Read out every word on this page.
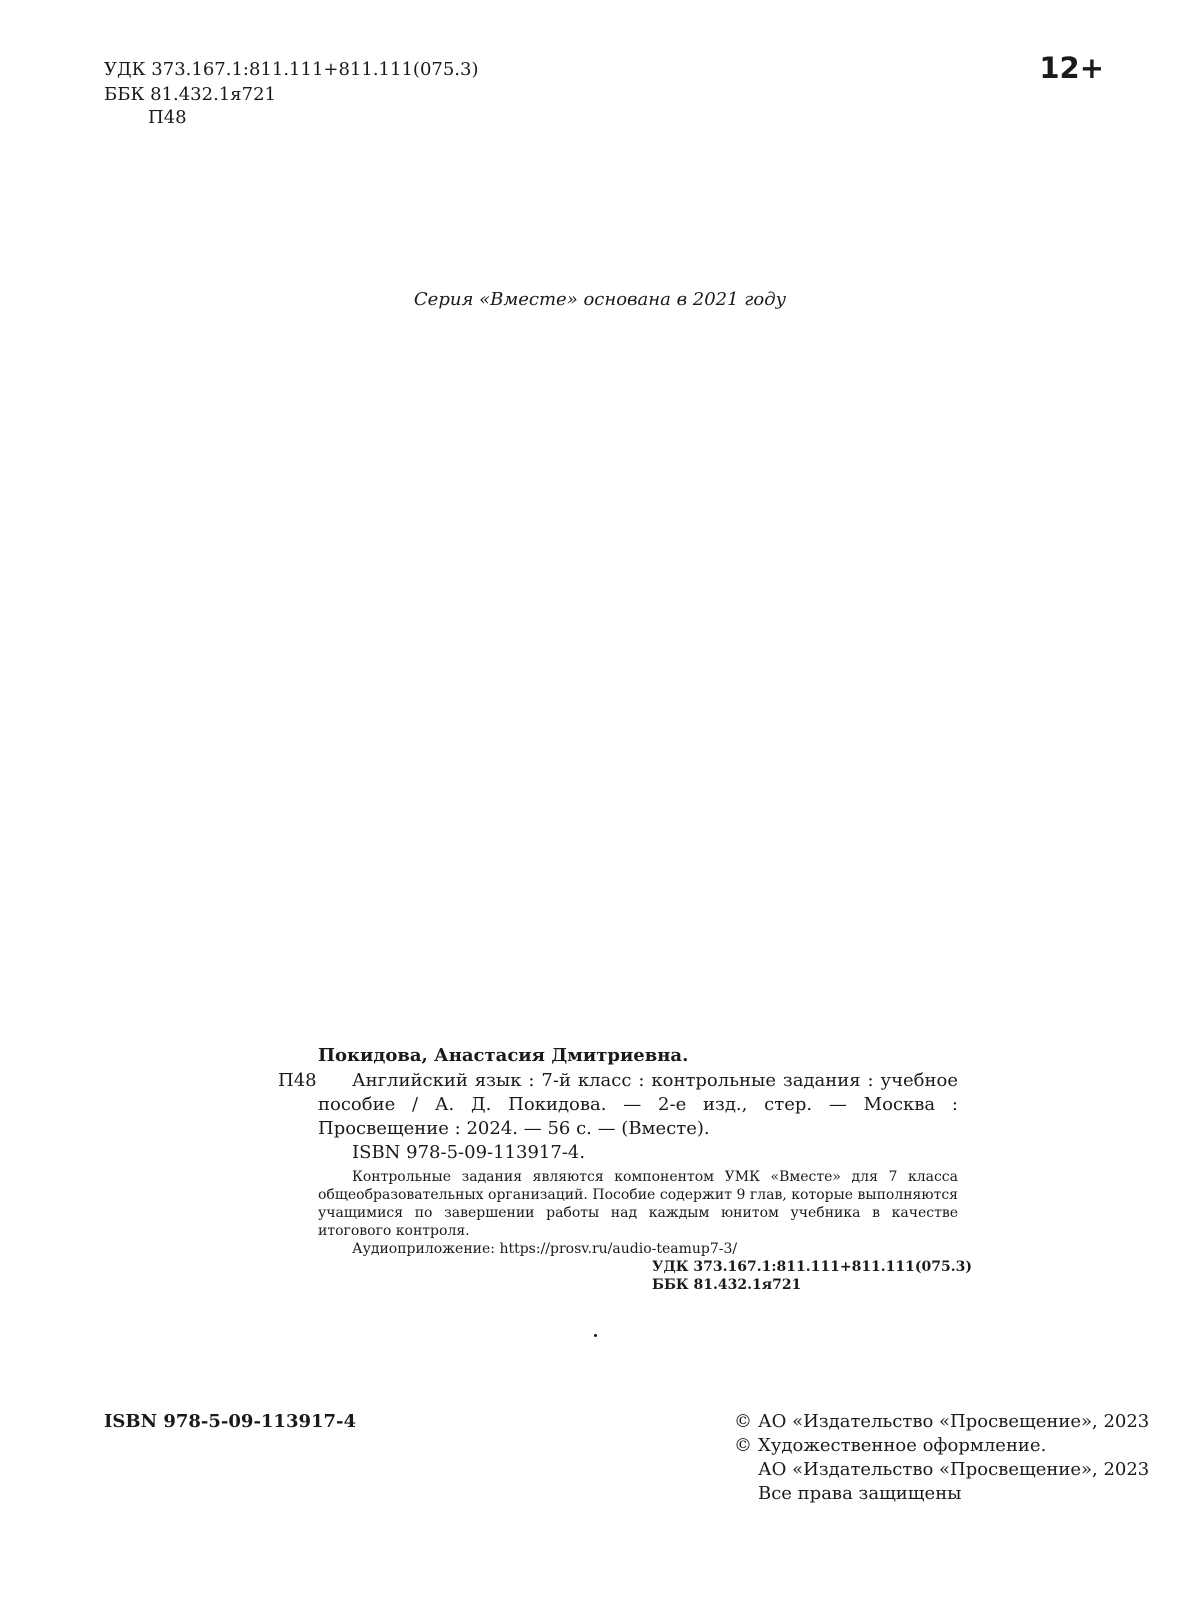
УДК 373.167.1:811.111+811.111(075.3)
ББК 81.432.1я721
П48
12+
Серия «Вместе» основана в 2021 году
П48
Покидова, Анастасия Дмитриевна.
Английский язык : 7-й класс : контрольные задания : учебное пособие / А. Д. Покидова. — 2-е изд., стер. — Москва : Просвещение : 2024. — 56 с. — (Вместе).
ISBN 978-5-09-113917-4.
Контрольные задания являются компонентом УМК «Вместе» для 7 класса общеобразовательных организаций. Пособие содержит 9 глав, которые выполняются учащимися по завершении работы над каждым юнитом учебника в качестве итогового контроля.
Аудиоприложение: https://prosv.ru/audio-teamup7-3/
УДК 373.167.1:811.111+811.111(075.3)
ББК 81.432.1я721
ISBN 978-5-09-113917-4	© АО «Издательство «Просвещение», 2023
© Художественное оформление.
АО «Издательство «Просвещение», 2023
Все права защищены
